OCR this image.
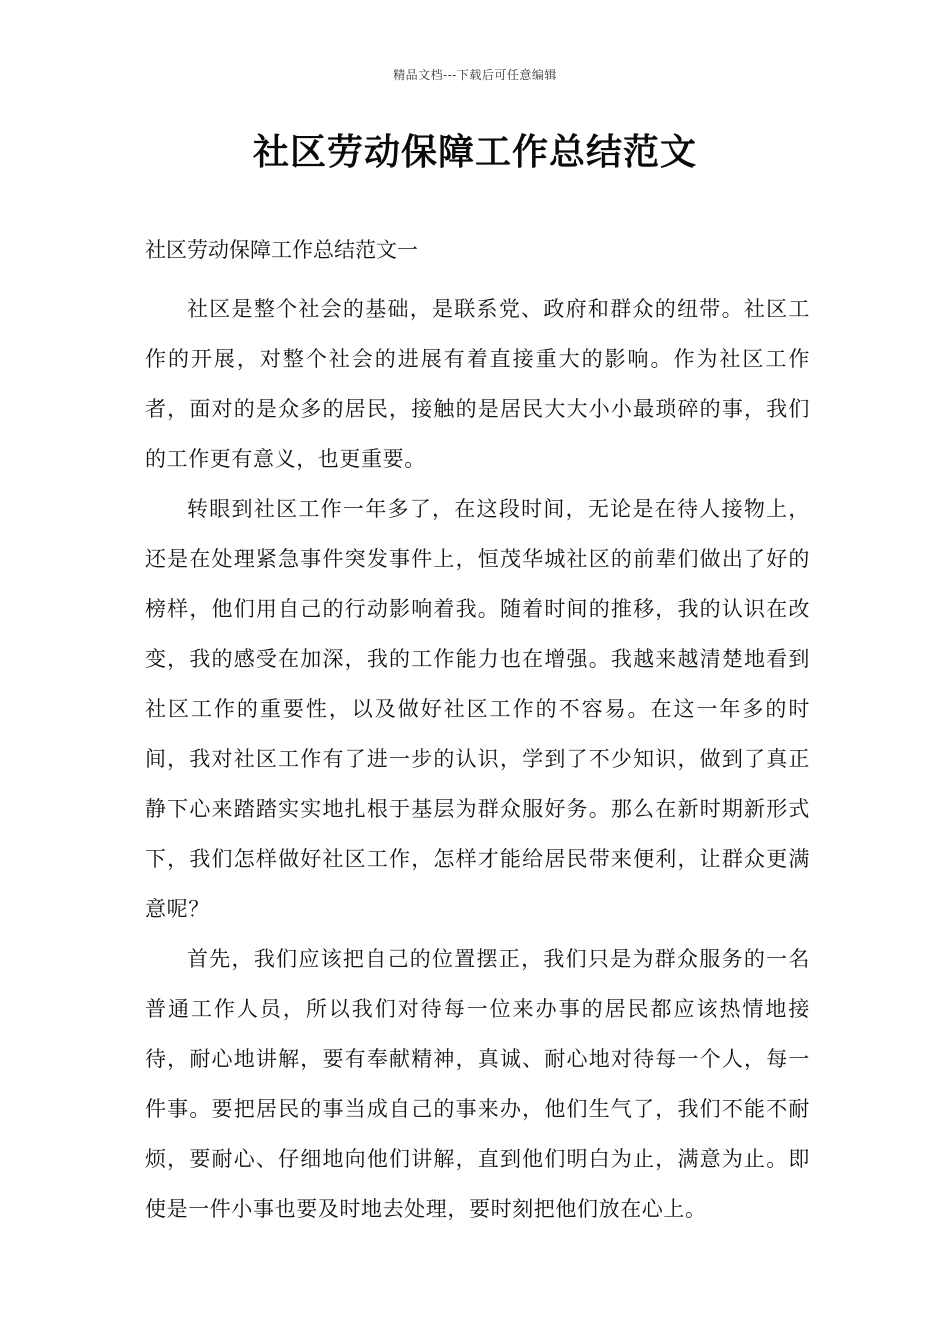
精品文档---下载后可任意编辑
社区劳动保障工作总结范文

社区劳动保障工作总结范文一

社区是整个社会的基础，是联系党、政府和群众的纽带。社区工作的开展，对整个社会的进展有着直接重大的影响。作为社区工作者，面对的是众多的居民，接触的是居民大大小小最琐碎的事，我们的工作更有意义，也更重要。

转眼到社区工作一年多了，在这段时间，无论是在待人接物上，还是在处理紧急事件突发事件上，恒茂华城社区的前辈们做出了好的榜样，他们用自己的行动影响着我。随着时间的推移，我的认识在改变，我的感受在加深，我的工作能力也在增强。我越来越清楚地看到社区工作的重要性，以及做好社区工作的不容易。在这一年多的时间，我对社区工作有了进一步的认识，学到了不少知识，做到了真正静下心来踏踏实实地扎根于基层为群众服好务。那么在新时期新形式下，我们怎样做好社区工作，怎样才能给居民带来便利，让群众更满意呢？

首先，我们应该把自己的位置摆正，我们只是为群众服务的一名普通工作人员，所以我们对待每一位来办事的居民都应该热情地接待，耐心地讲解，要有奉献精神，真诚、耐心地对待每一个人，每一件事。要把居民的事当成自己的事来办，他们生气了，我们不能不耐烦，要耐心、仔细地向他们讲解，直到他们明白为止，满意为止。即使是一件小事也要及时地去处理，要时刻把他们放在心上。
